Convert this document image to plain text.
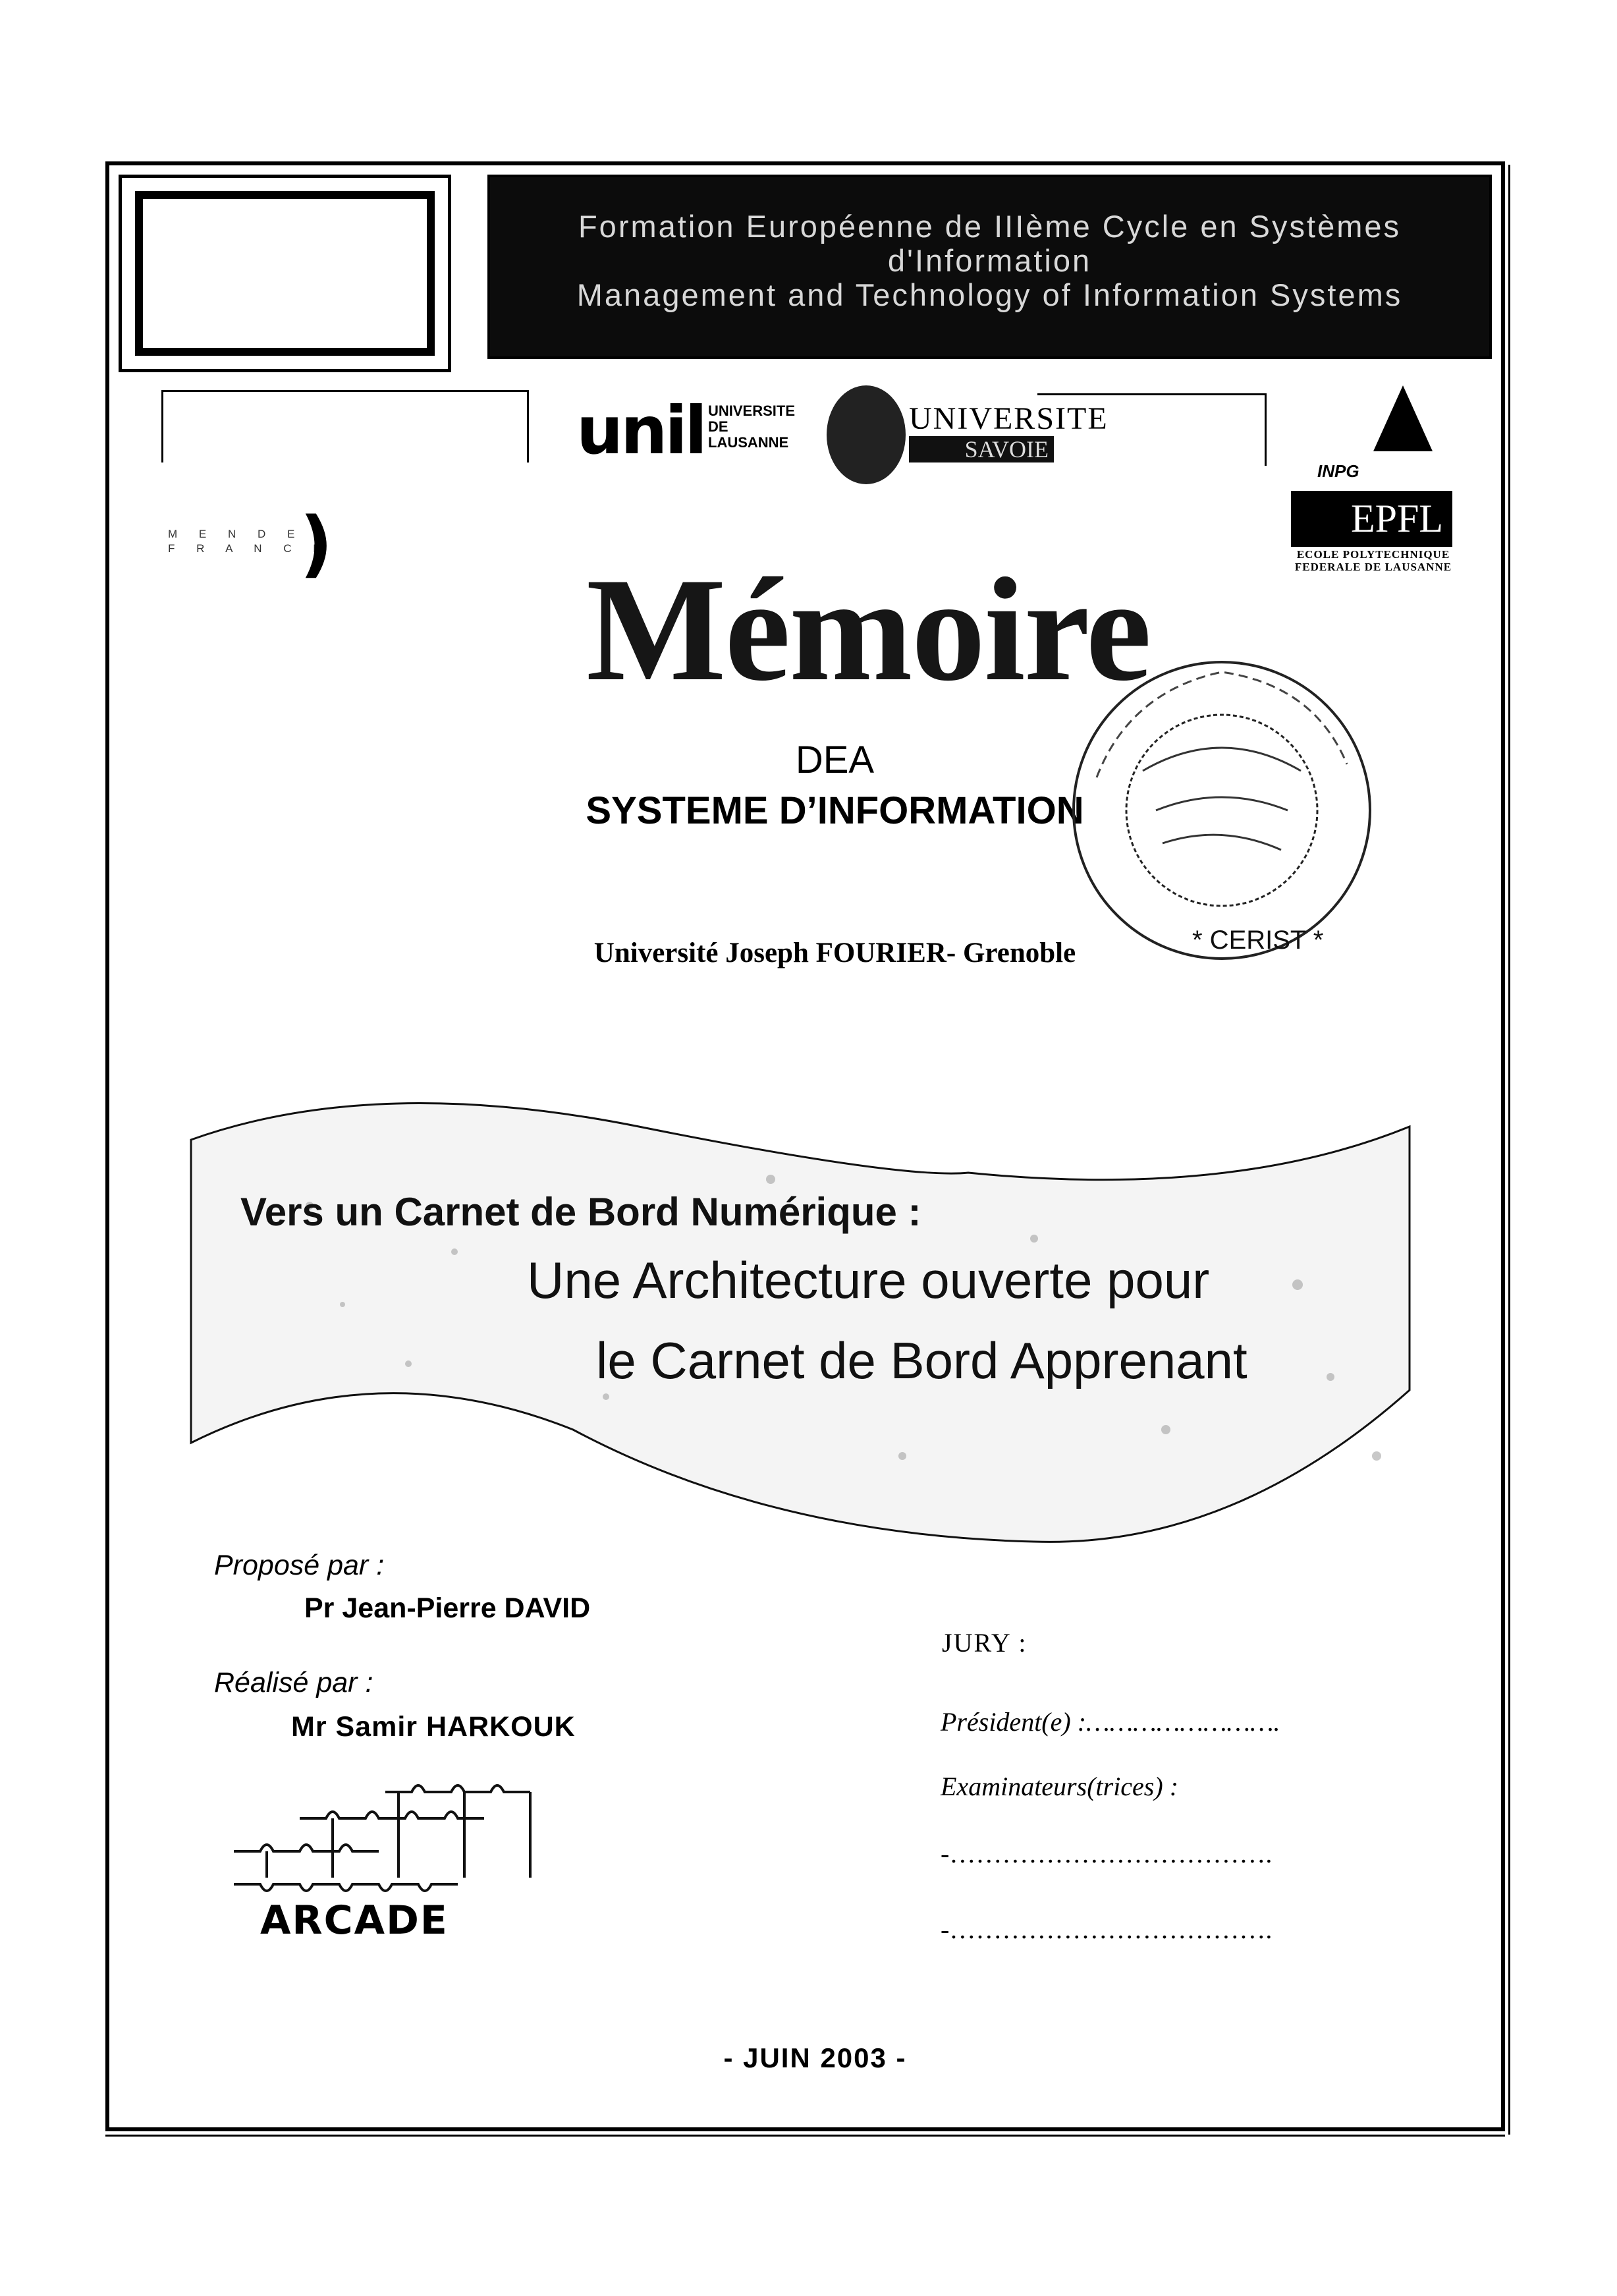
Formation Européenne de IIIème Cycle en Systèmes
d'Information
Management and Technology of Information Systems
unil UNIVERSITE
DE
LAUSANNE
UNIVERSITE
SAVOIE
INPG
EPFL
ECOLE POLYTECHNIQUE
FEDERALE DE LAUSANNE
M E N D E S
F R A N C E
)
Mémoire
DEA
SYSTEME D’INFORMATION
Université Joseph FOURIER- Grenoble	* CERIST *
Vers un Carnet de Bord Numérique :
Une Architecture ouverte pour
le Carnet de Bord Apprenant
Proposé par :
Pr Jean-Pierre DAVID
Réalisé par :
Mr Samir HARKOUK
JURY :
Président(e) :…………………….
Examinateurs(trices) :
-……………………………….
-……………………………….
ARCADE
- JUIN 2003 -
